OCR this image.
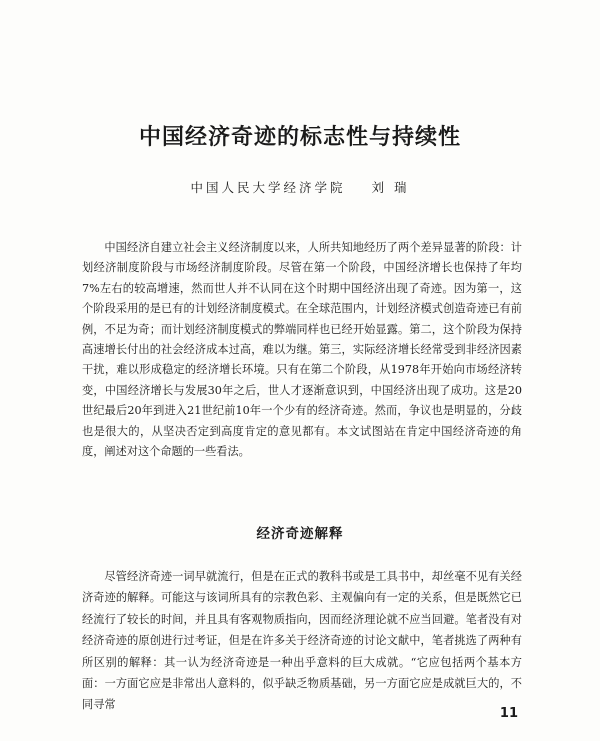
中国经济奇迹的标志性与持续性
中国人民大学经济学院 刘 瑞

中国经济自建立社会主义经济制度以来，人所共知地经历了两个差异显著的阶段：计划经济制度阶段与市场经济制度阶段。尽管在第一个阶段，中国经济增长也保持了年均7%左右的较高增速，然而世人并不认同在这个时期中国经济出现了奇迹。因为第一，这个阶段采用的是已有的计划经济制度模式。在全球范围内，计划经济模式创造奇迹已有前例，不足为奇；而计划经济制度模式的弊端同样也已经开始显露。第二，这个阶段为保持高速增长付出的社会经济成本过高，难以为继。第三，实际经济增长经常受到非经济因素干扰，难以形成稳定的经济增长环境。只有在第二个阶段，从1978年开始向市场经济转变，中国经济增长与发展30年之后，世人才逐渐意识到，中国经济出现了成功。这是20世纪最后20年到进入21世纪前10年一个少有的经济奇迹。然而，争议也是明显的，分歧也是很大的，从坚决否定到高度肯定的意见都有。本文试图站在肯定中国经济奇迹的角度，阐述对这个命题的一些看法。

经济奇迹解释

尽管经济奇迹一词早就流行，但是在正式的教科书或是工具书中，却丝毫不见有关经济奇迹的解释。可能这与该词所具有的宗教色彩、主观偏向有一定的关系，但是既然它已经流行了较长的时间，并且具有客观物质指向，因而经济理论就不应当回避。笔者没有对经济奇迹的原创进行过考证，但是在许多关于经济奇迹的讨论文献中，笔者挑选了两种有所区别的解释：其一认为经济奇迹是一种出乎意料的巨大成就。“它应包括两个基本方面：一方面它应是非常出人意料的，似乎缺乏物质基础，另一方面它应是成就巨大的，不同寻常

11
